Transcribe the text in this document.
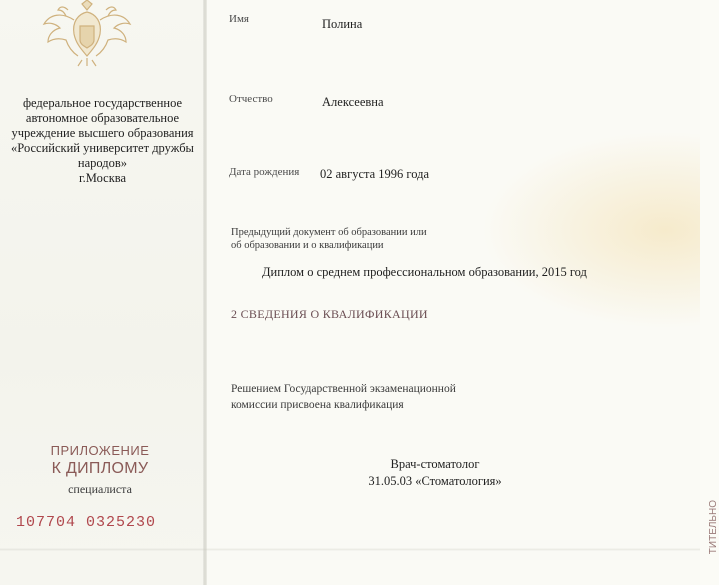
федеральное государственное
автономное образовательное
учреждение высшего образования
«Российский университет дружбы
народов»
г.Москва
ПРИЛОЖЕНИЕ
К ДИПЛОМУ
специалиста
107704 0325230
Имя	Полина
Отчество	Алексеевна
Дата рождения 02 августа 1996 года
Предыдущий документ об образовании или
об образовании и о квалификации
Диплом о среднем профессиональном образовании, 2015 год
2 СВЕДЕНИЯ О КВАЛИФИКАЦИИ
Решением Государственной экзаменационной
комиссии присвоена квалификация
Врач-стоматолог
31.05.03 «Стоматология»
ТИТЕЛЬНО
